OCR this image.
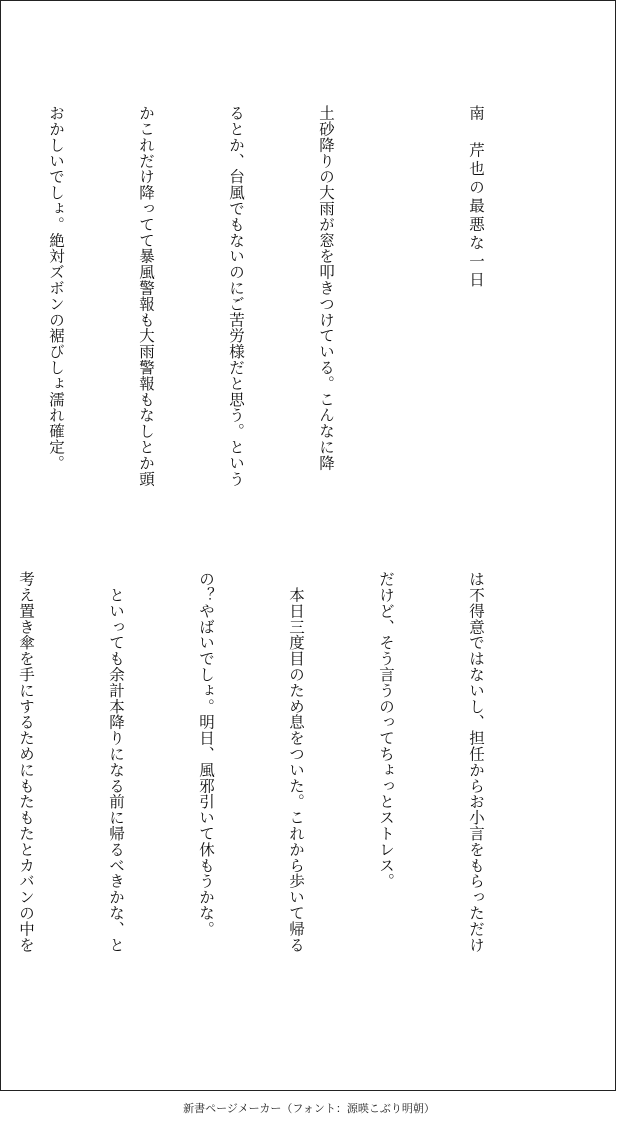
南　芹也の最悪な一日

土砂降りの大雨が窓を叩きつけている。こんなに降

るとか、台風でもないのにご苦労様だと思う。という

かこれだけ降ってて暴風警報も大雨警報もなしとか頭

おかしいでしょ。絶対ズボンの裾びしょ濡れ確定。

は不得意ではないし、担任からお小言をもらっただけ

だけど、そう言うのってちょっとストレス。

　本日三度目のため息をついた。これから歩いて帰る

の？やばいでしょ。明日、風邪引いて休もうかな。

　といっても余計本降りになる前に帰るべきかな、と

考え置き傘を手にするためにもたもたとカバンの中を

新書ページメーカー（フォント：源暎こぶり明朝）
